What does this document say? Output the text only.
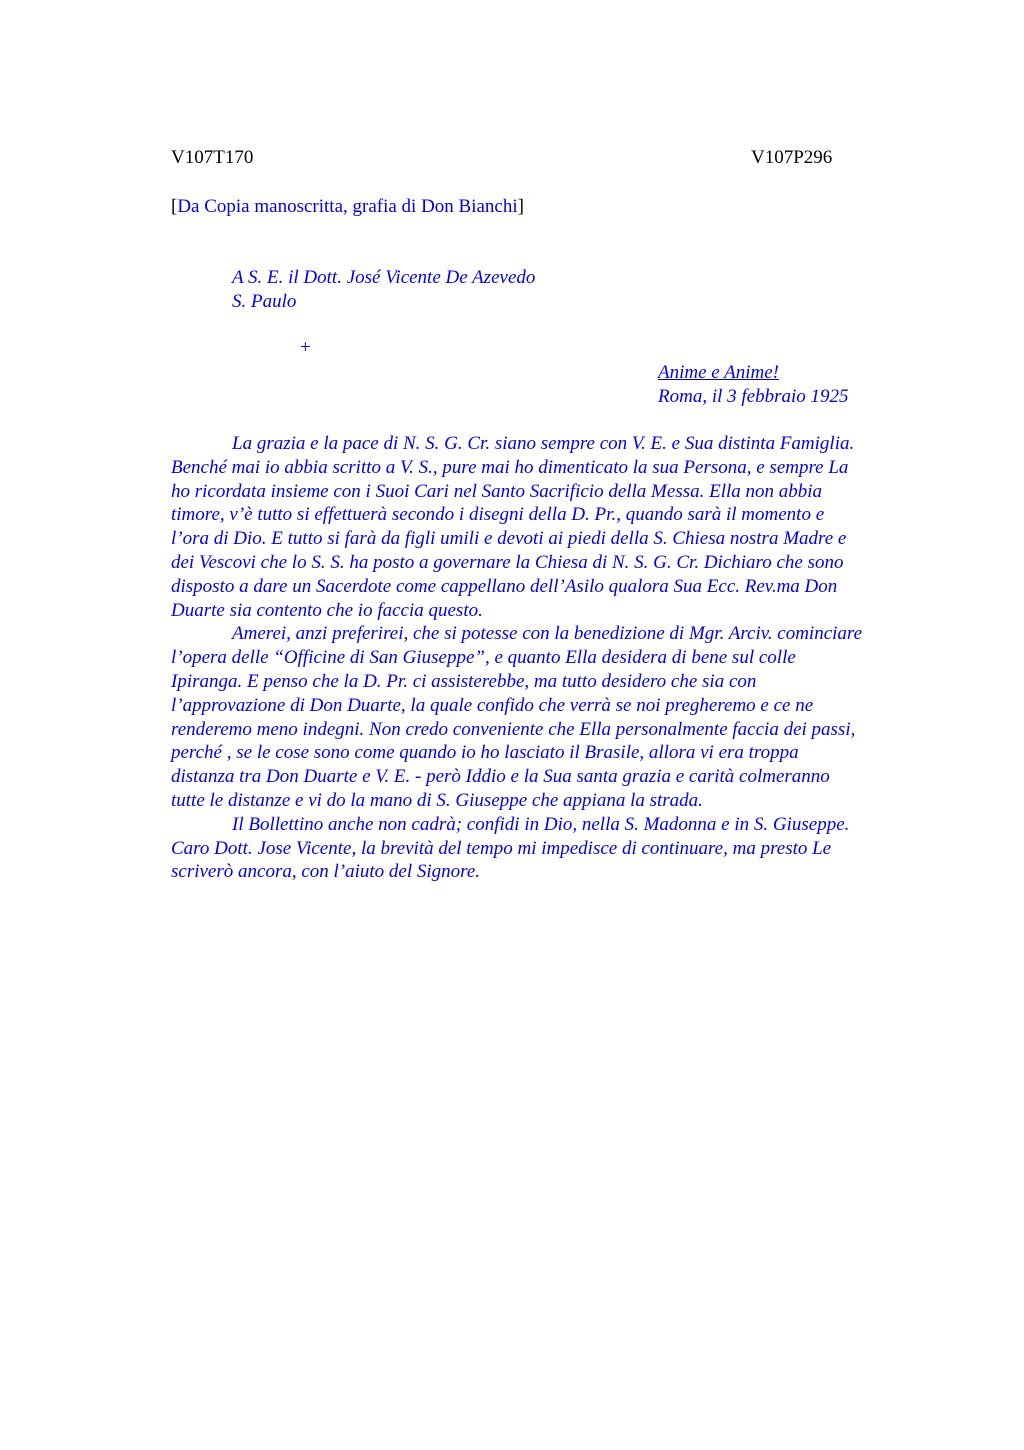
V107T170	V107P296
[Da Copia manoscritta, grafia di Don Bianchi]
A S. E. il Dott. José Vicente De Azevedo
S. Paulo
+
Anime e Anime!
Roma, il 3 febbraio 1925
La grazia e la pace di N. S. G. Cr. siano sempre con V. E. e Sua distinta Famiglia.
Benché mai io abbia scritto a V. S., pure mai ho dimenticato la sua Persona, e sempre La
ho ricordata insieme con i Suoi Cari nel Santo Sacrificio della Messa. Ella non abbia
timore, v’è tutto si effettuerà secondo i disegni della D. Pr., quando sarà il momento e
l’ora di Dio. E tutto si farà da figli umili e devoti ai piedi della S. Chiesa nostra Madre e
dei Vescovi che lo S. S. ha posto a governare la Chiesa di N. S. G. Cr. Dichiaro che sono
disposto a dare un Sacerdote come cappellano dell’Asilo qualora Sua Ecc. Rev.ma Don
Duarte sia contento che io faccia questo.
Amerei, anzi preferirei, che si potesse con la benedizione di Mgr. Arciv. cominciare
l’opera delle “Officine di San Giuseppe”, e quanto Ella desidera di bene sul colle
Ipiranga. E penso che la D. Pr. ci assisterebbe, ma tutto desidero che sia con
l’approvazione di Don Duarte, la quale confido che verrà se noi pregheremo e ce ne
renderemo meno indegni. Non credo conveniente che Ella personalmente faccia dei passi,
perché , se le cose sono come quando io ho lasciato il Brasile, allora vi era troppa
distanza tra Don Duarte e V. E. - però Iddio e la Sua santa grazia e carità colmeranno
tutte le distanze e vi do la mano di S. Giuseppe che appiana la strada.
Il Bollettino anche non cadrà; confidi in Dio, nella S. Madonna e in S. Giuseppe.
Caro Dott. Jose Vicente, la brevità del tempo mi impedisce di continuare, ma presto Le
scriverò ancora, con l’aiuto del Signore.
